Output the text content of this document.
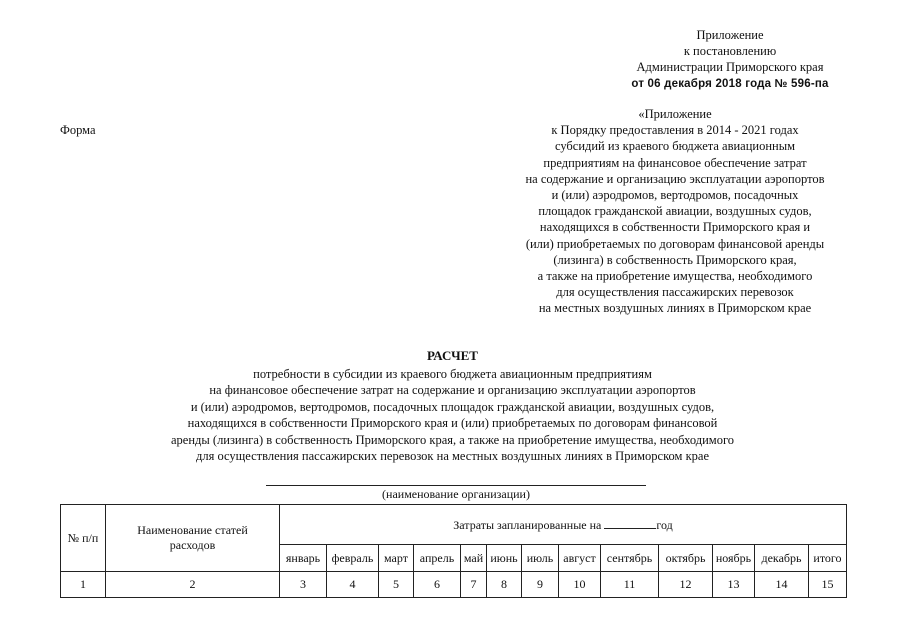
Приложение
к постановлению
Администрации Приморского края
от 06 декабря 2018 года № 596-па
Форма
«Приложение
к Порядку предоставления в 2014 - 2021 годах
субсидий из краевого бюджета авиационным
предприятиям на финансовое обеспечение затрат
на содержание и организацию эксплуатации аэропортов
и (или) аэродромов, вертодромов, посадочных
площадок гражданской авиации, воздушных судов,
находящихся в собственности Приморского края и
(или) приобретаемых по договорам финансовой аренды
(лизинга) в собственность Приморского края,
а также на приобретение имущества, необходимого
для осуществления пассажирских перевозок
на местных воздушных линиях в Приморском крае
РАСЧЕТ
потребности в субсидии из краевого бюджета авиационным предприятиям
на финансовое обеспечение затрат на содержание и организацию эксплуатации аэропортов
и (или) аэродромов, вертодромов, посадочных площадок гражданской авиации, воздушных судов,
находящихся в собственности Приморского края и (или) приобретаемых по договорам финансовой
аренды (лизинга) в собственность Приморского края, а также на приобретение имущества, необходимого
для осуществления пассажирских перевозок на местных воздушных линиях в Приморском крае
(наименование организации)
№ п/п	Наименование статей расходов	Затраты запланированные на год												
		январь	февраль	март	апрель	май	июнь	июль	август	сентябрь	октябрь	ноябрь	декабрь	итого
1	2	3	4	5	6	7	8	9	10	11	12	13	14	15
